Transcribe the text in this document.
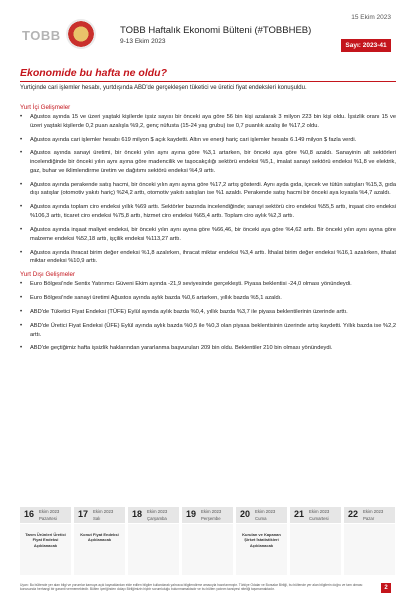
TOBB
15 Ekim 2023
TOBB Haftalık Ekonomi Bülteni (#TOBBHEB)
9-13 Ekim 2023
Sayı: 2023-41
Ekonomide bu hafta ne oldu?
Yurtiçinde cari işlemler hesabı, yurtdışında ABD'de gerçekleşen tüketici ve üretici fiyat endeksleri konuşuldu.
Yurt İçi Gelişmeler
• Ağustos ayında 15 ve üzeri yaştaki kişilerde işsiz sayısı bir önceki aya göre 56 bin kişi azalarak 3 milyon 223 bin kişi oldu. İşsizlik oranı 15 ve üzeri yaştaki kişilerde 0,2 puan azalışla %9,2, genç nüfusta (15-24 yaş grubu) ise 0,7 puanlık azalış ile %17,2 oldu.
• Ağustos ayında cari işlemler hesabı 619 milyon $ açık kaydetti. Altın ve enerji hariç cari işlemler hesabı 6.149 milyon $ fazla verdi.
• Ağustos ayında sanayi üretimi, bir önceki yılın aynı ayına göre %3,1 artarken, bir önceki aya göre %0,8 azaldı. Sanayinin alt sektörleri incelendiğinde bir önceki yılın aynı ayına göre madencilik ve taşocakçılığı sektörü endeksi %5,1, imalat sanayi sektörü endeksi %1,8 ve elektrik, gaz, buhar ve iklimlendirme üretim ve dağıtımı sektörü endeksi %4,9 arttı.
• Ağustos ayında perakende satış hacmi, bir önceki yılın aynı ayına göre %17,2 artış gösterdi. Aynı ayda gıda, içecek ve tütün satışları %15,3, gıda dışı satışlar (otomotiv yakıtı hariç) %24,2 arttı, otomotiv yakıtı satışları ise %1 azaldı. Perakende satış hacmi bir önceki aya kıyasla %4,7 azaldı.
• Ağustos ayında toplam ciro endeksi yıllık %69 arttı. Sektörler bazında incelendiğinde; sanayi sektörü ciro endeksi %55,5 arttı, inşaat ciro endeksi %106,3 arttı, ticaret ciro endeksi %75,8 arttı, hizmet ciro endeksi %65,4 arttı. Toplam ciro aylık %2,3 arttı.
• Ağustos ayında inşaat maliyet endeksi, bir önceki yılın aynı ayına göre %66,46, bir önceki aya göre %4,62 arttı. Bir önceki yılın aynı ayına göre malzeme endeksi %52,18 arttı, işçilik endeksi %113,27 arttı.
• Ağustos ayında ihracat birim değer endeksi %1,8 azalırken, ihracat miktar endeksi %3,4 arttı. İthalat birim değer endeksi %16,1 azalırken, ithalat miktar endeksi %10,9 arttı.
Yurt Dışı Gelişmeler
• Euro Bölgesi'nde Sentix Yatırımcı Güveni Ekim ayında -21,9 seviyesinde gerçekleşti. Piyasa beklentisi -24,0 olması yönündeydi.
• Euro Bölgesi'nde sanayi üretimi Ağustos ayında aylık bazda %0,6 artarken, yıllık bazda %5,1 azaldı.
• ABD'de Tüketici Fiyat Endeksi (TÜFE) Eylül ayında aylık bazda %0,4, yıllık bazda %3,7 ile piyasa beklentilerinin üzerinde arttı.
• ABD'de Üretici Fiyat Endeksi (ÜFE) Eylül ayında aylık bazda %0,5 ile %0,3 olan piyasa beklentisinin üzerinde artış kaydetti. Yıllık bazda ise %2,2 arttı.
• ABD'de geçtiğimiz hafta işsizlik haklarından yararlanma başvuruları 209 bin oldu. Beklentiler 210 bin olması yönündeydi.
16 Ekim 2023
Pazartesi
Tarım Ürünleri Üretici Fiyat Endeksi Açıklanacak
17 Ekim 2023
Salı
Konut Fiyat Endeksi Açıklanacak
18 Ekim 2023
Çarşamba 19 Ekim 2023
Perşembe 20 Ekim 2023
Cuma
Kurulan ve Kapanan Şirket İstatistikleri Açıklanacak
21 Ekim 2023
Cumartesi 22 Ekim 2023
Pazar
Uyarı: Bu bültende yer alan bilgi ve yorumlar kamuya açık kaynaklardan elde edilen bilgiler kullanılarak yalnızca bilgilendirme amacıyla hazırlanmıştır. Türkiye Odalar ve Borsalar Birliği, bu bültende yer alan bilgilerin doğru ve tam olması konusunda herhangi bir garanti vermemektedir. Bülten içeriğinden dolayı Birliğimizin hiçbir sorumluluğu bulunmamaktadır ve bu bülten yatırım tavsiyesi niteliği taşımamaktadır.	2
